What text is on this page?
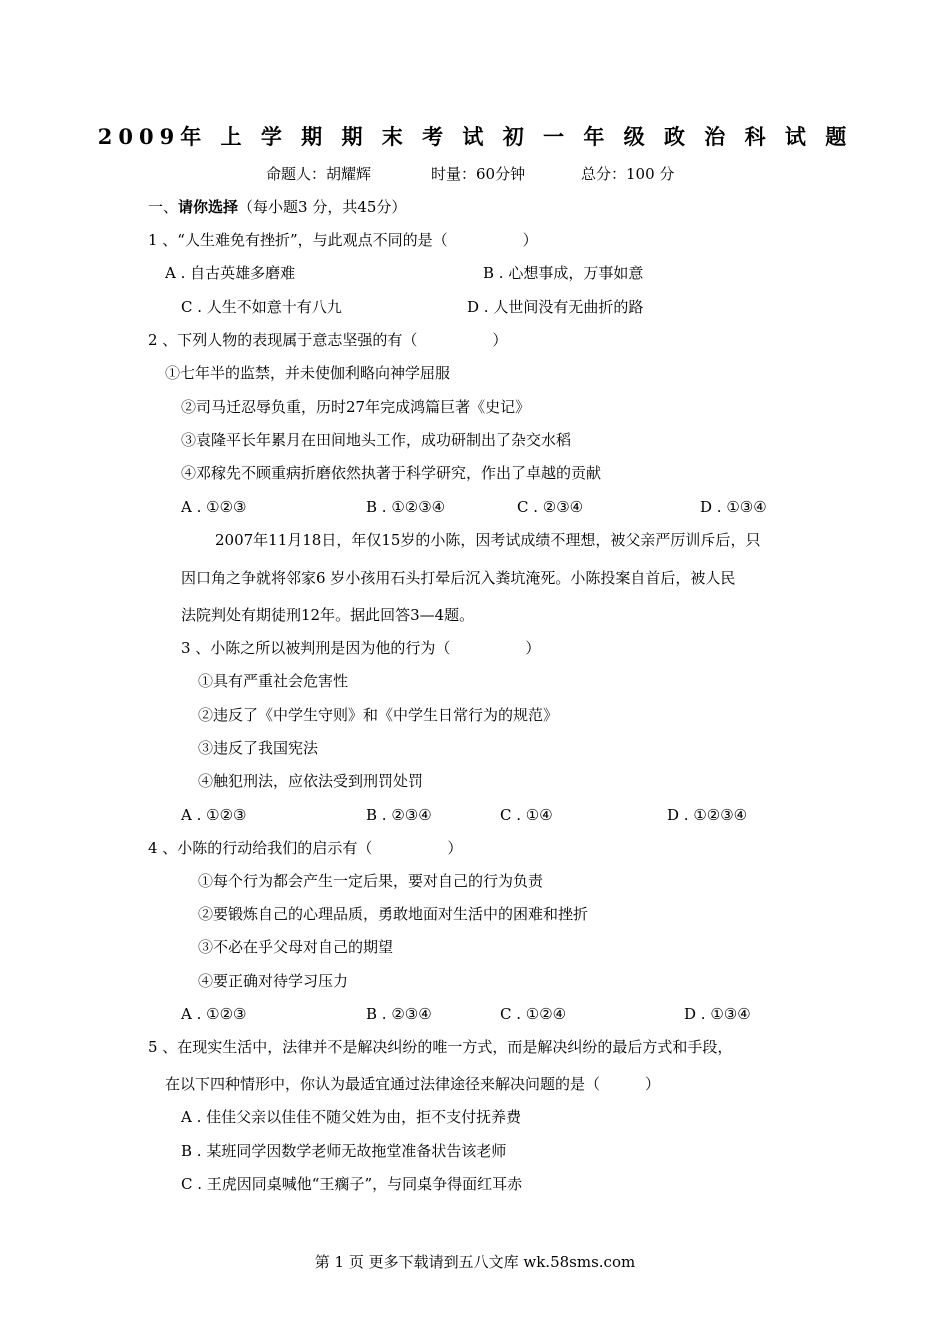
2009年 上 学 期 期 末 考 试 初 一 年 级 政 治 科 试 题
命题人：胡耀辉	时量：60分钟	总分：100 分
一、请你选择（每小题3 分，共45分）
1 、“人生难免有挫折”，与此观点不同的是（　　　　　）
A . 自古英雄多磨难	B . 心想事成，万事如意
C . 人生不如意十有八九	D . 人世间没有无曲折的路
2 、下列人物的表现属于意志坚强的有（　　　　　）
①七年半的监禁，并未使伽利略向神学屈服
②司马迁忍辱负重，历时27年完成鸿篇巨著《史记》
③袁隆平长年累月在田间地头工作，成功研制出了杂交水稻
④邓稼先不顾重病折磨依然执著于科学研究，作出了卓越的贡献
A . ①②③	B . ①②③④	C . ②③④	D . ①③④
2007年11月18日，年仅15岁的小陈，因考试成绩不理想，被父亲严厉训斥后，只
因口角之争就将邻家6 岁小孩用石头打晕后沉入粪坑淹死。小陈投案自首后，被人民
法院判处有期徒刑12年。据此回答3—4题。
3 、小陈之所以被判刑是因为他的行为（　　　　　）
①具有严重社会危害性
②违反了《中学生守则》和《中学生日常行为的规范》
③违反了我国宪法
④触犯刑法，应依法受到刑罚处罚
A . ①②③	B . ②③④	C . ①④	D . ①②③④
4 、小陈的行动给我们的启示有（　　　　　）
①每个行为都会产生一定后果，要对自己的行为负责
②要锻炼自己的心理品质，勇敢地面对生活中的困难和挫折
③不必在乎父母对自己的期望
④要正确对待学习压力
A . ①②③	B . ②③④	C . ①②④	D . ①③④
5 、在现实生活中，法律并不是解决纠纷的唯一方式，而是解决纠纷的最后方式和手段，
在以下四种情形中，你认为最适宜通过法律途径来解决问题的是（　　　）
A . 佳佳父亲以佳佳不随父姓为由，拒不支付抚养费
B . 某班同学因数学老师无故拖堂准备状告该老师
C . 王虎因同桌喊他“王瘸子”，与同桌争得面红耳赤
第 1 页 更多下载请到五八文库 wk.58sms.com
